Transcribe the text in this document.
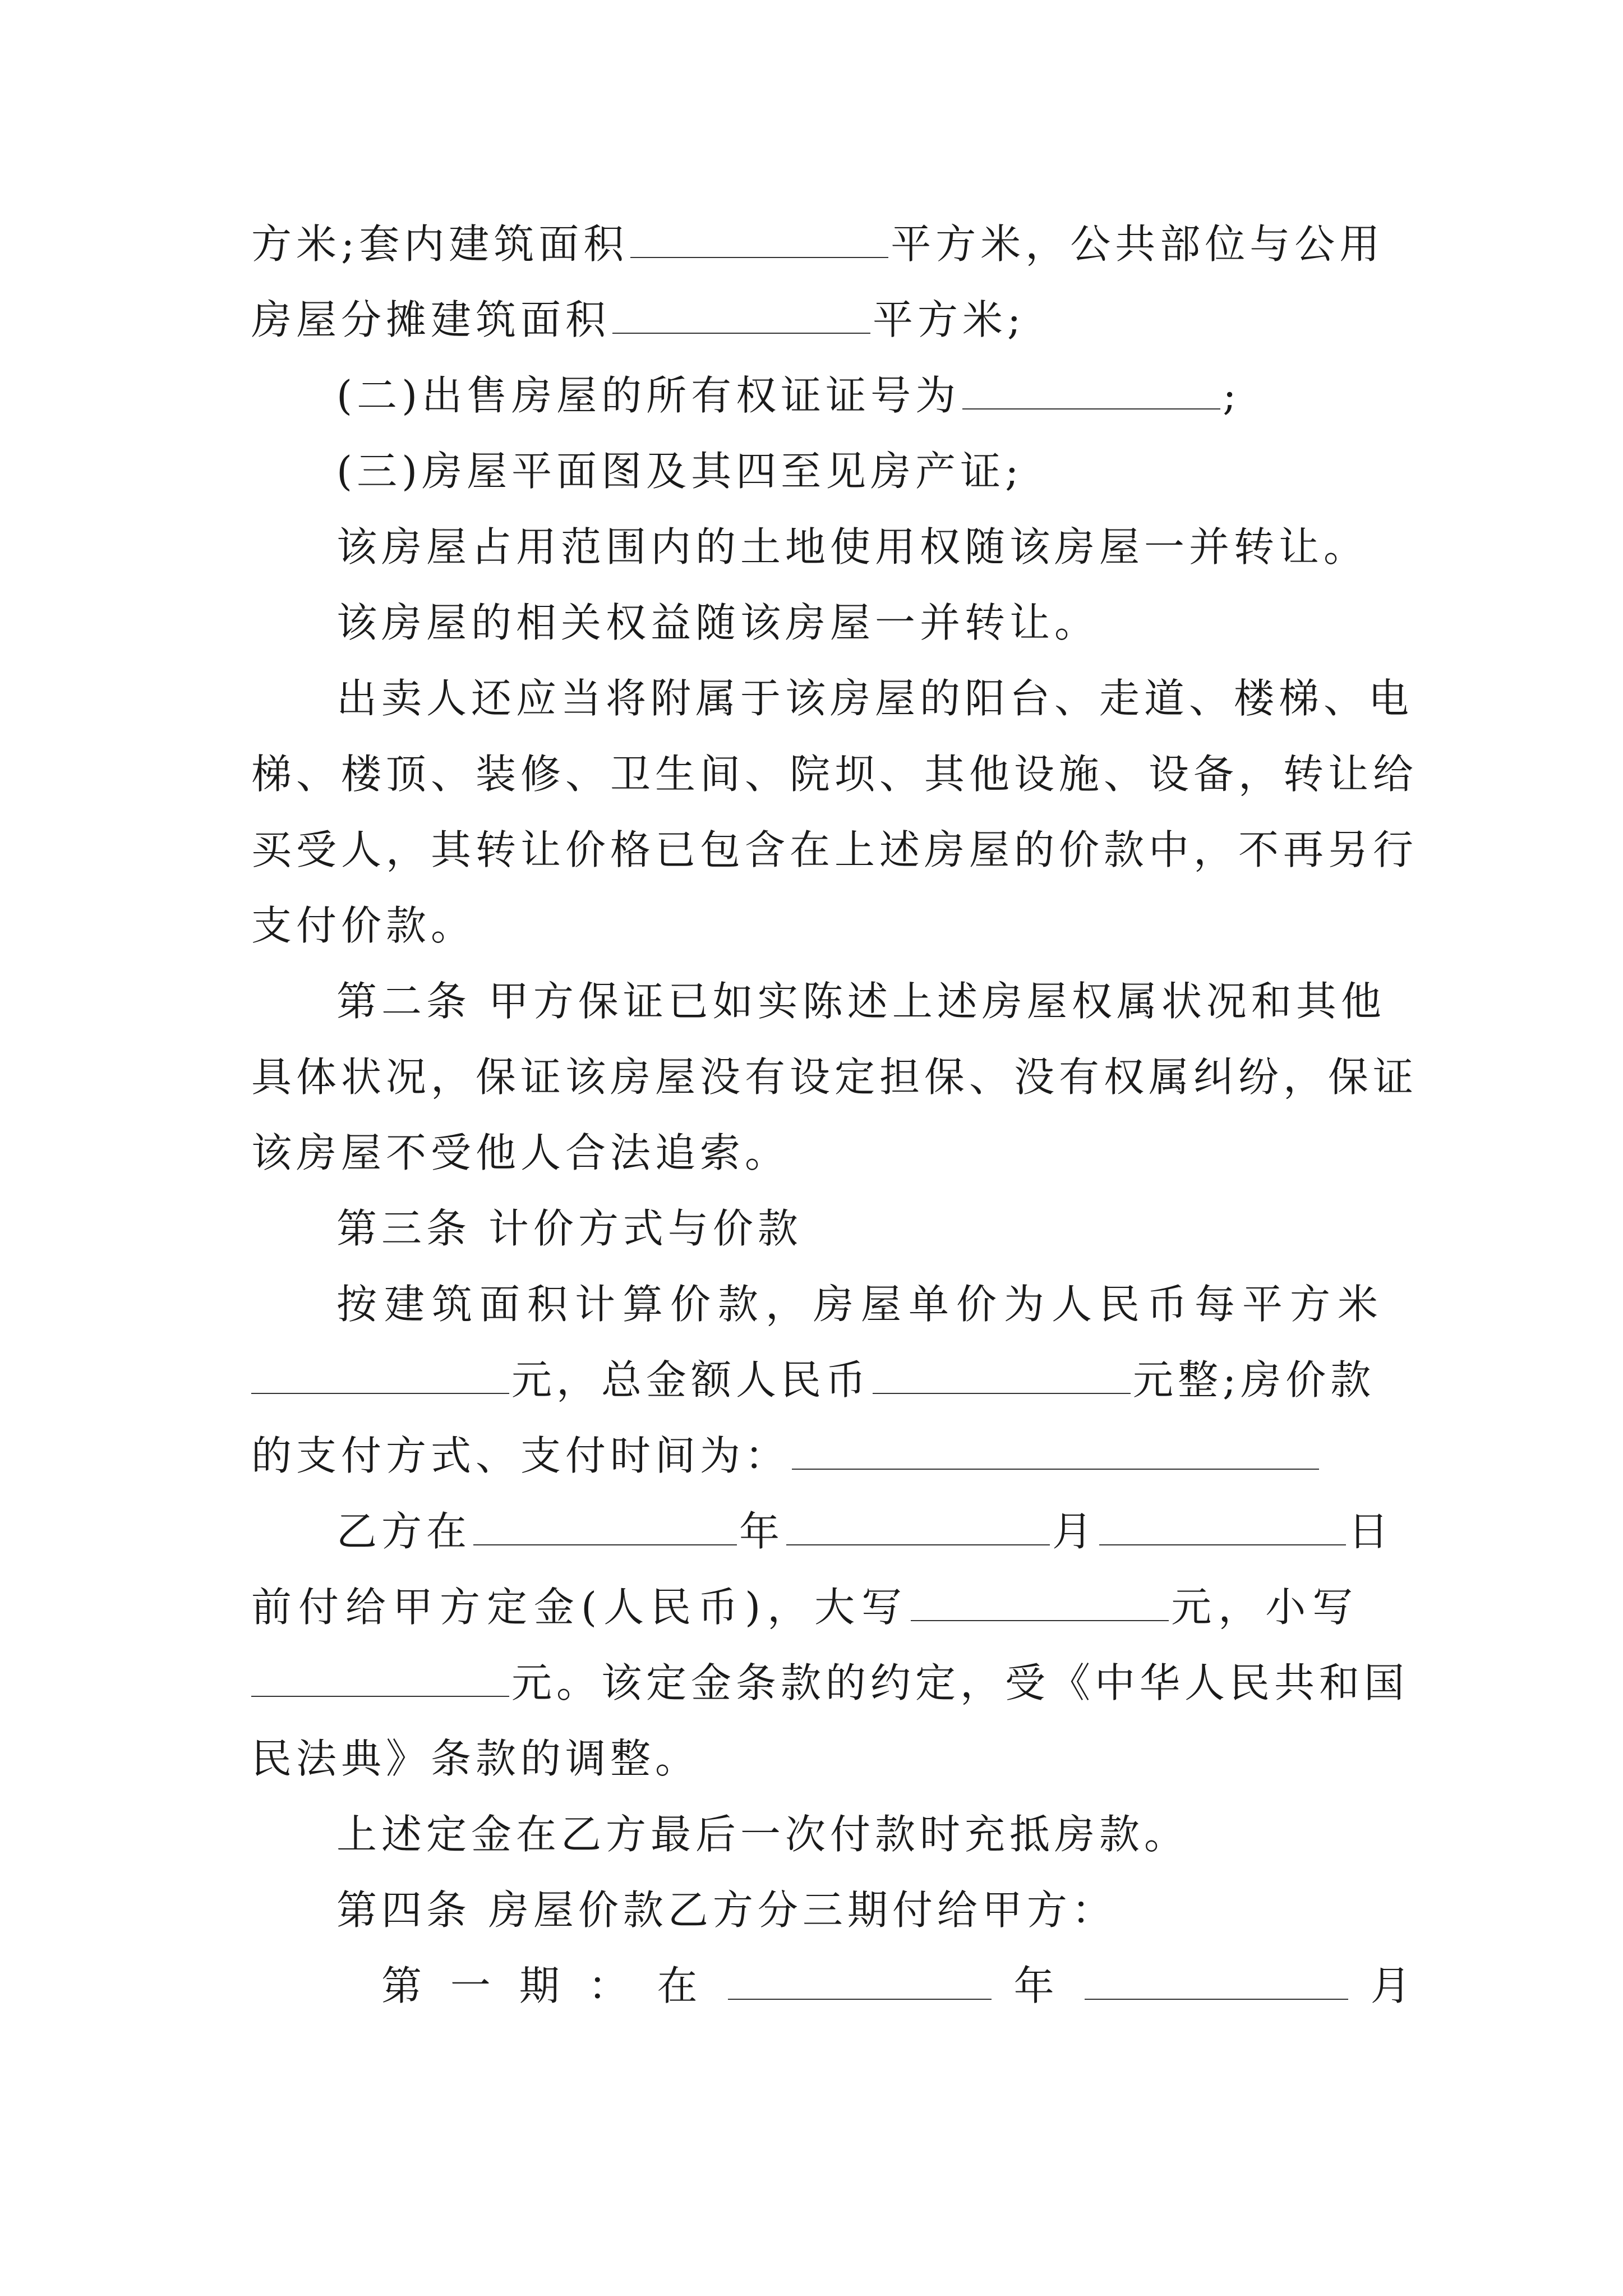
方米;套内建筑面积	平方米，公共部位与公用
房屋分摊建筑面积	平方米;
(二)出售房屋的所有权证证号为	;
(三)房屋平面图及其四至见房产证;
该房屋占用范围内的土地使用权随该房屋一并转让。
该房屋的相关权益随该房屋一并转让。
出卖人还应当将附属于该房屋的阳台、走道、楼梯、电
梯、楼顶、装修、卫生间、院坝、其他设施、设备，转让给
买受人，其转让价格已包含在上述房屋的价款中，不再另行
支付价款。
第二条 甲方保证已如实陈述上述房屋权属状况和其他
具体状况，保证该房屋没有设定担保、没有权属纠纷，保证
该房屋不受他人合法追索。
第三条 计价方式与价款
按建筑面积计算价款，房屋单价为人民币每平方米
元，总金额人民币	元整;房价款
的支付方式、支付时间为：
乙方在	年	月	日
前付给甲方定金(人民币)，大写	元，小写
元。该定金条款的约定，受《中华人民共和国
民法典》条款的调整。
上述定金在乙方最后一次付款时充抵房款。
第四条 房屋价款乙方分三期付给甲方：
第 一 期 ： 在	年	月
